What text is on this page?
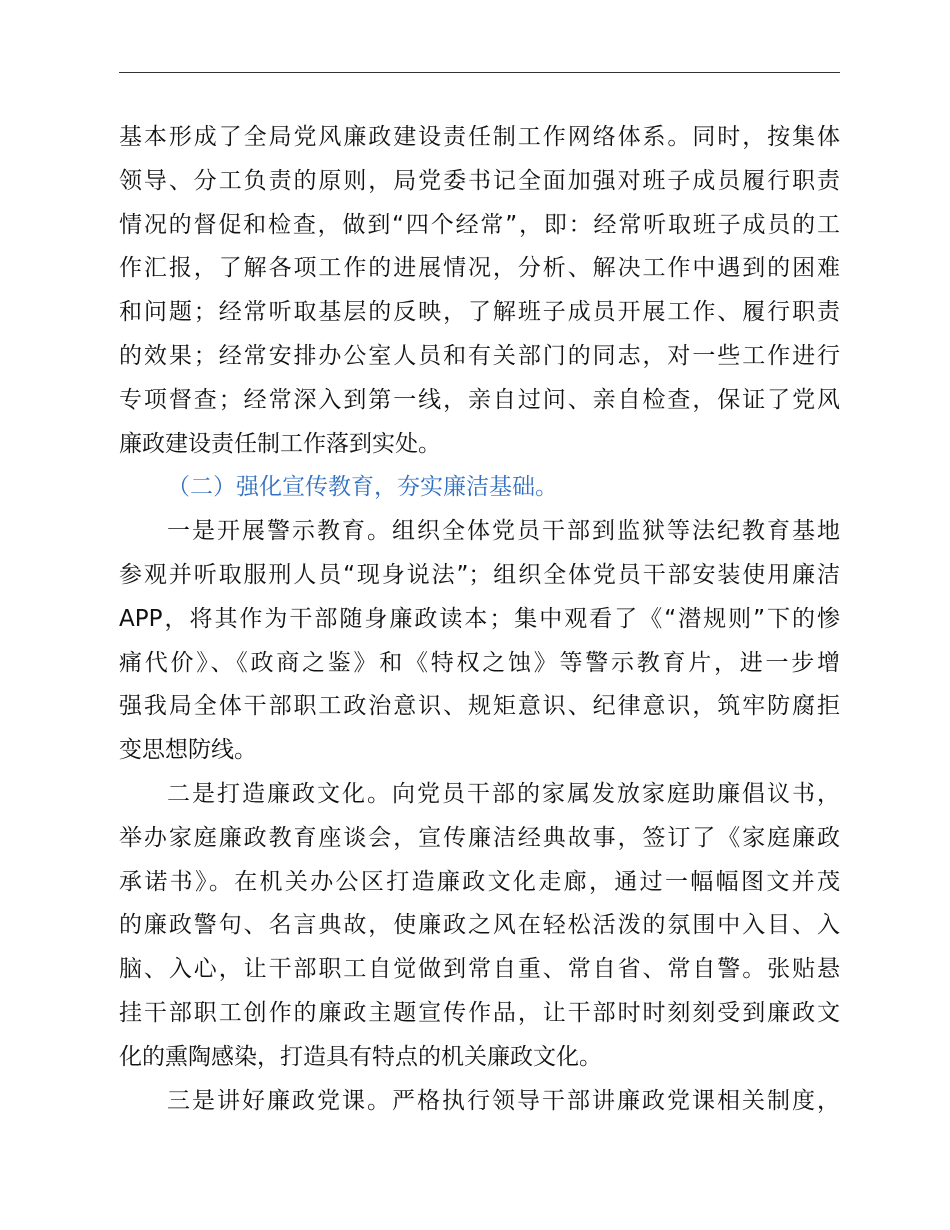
基本形成了全局党风廉政建设责任制工作网络体系。同时，按集体
领导、分工负责的原则，局党委书记全面加强对班子成员履行职责
情况的督促和检查，做到“四个经常”，即：经常听取班子成员的工
作汇报，了解各项工作的进展情况，分析、解决工作中遇到的困难
和问题；经常听取基层的反映，了解班子成员开展工作、履行职责
的效果；经常安排办公室人员和有关部门的同志，对一些工作进行
专项督查；经常深入到第一线，亲自过问、亲自检查，保证了党风
廉政建设责任制工作落到实处。
（二）强化宣传教育，夯实廉洁基础。
一是开展警示教育。组织全体党员干部到监狱等法纪教育基地
参观并听取服刑人员“现身说法”；组织全体党员干部安装使用廉洁
APP，将其作为干部随身廉政读本；集中观看了《“潜规则”下的惨
痛代价》、《政商之鉴》和《特权之蚀》等警示教育片，进一步增
强我局全体干部职工政治意识、规矩意识、纪律意识，筑牢防腐拒
变思想防线。
二是打造廉政文化。向党员干部的家属发放家庭助廉倡议书，
举办家庭廉政教育座谈会，宣传廉洁经典故事，签订了《家庭廉政
承诺书》。在机关办公区打造廉政文化走廊，通过一幅幅图文并茂
的廉政警句、名言典故，使廉政之风在轻松活泼的氛围中入目、入
脑、入心，让干部职工自觉做到常自重、常自省、常自警。张贴悬
挂干部职工创作的廉政主题宣传作品，让干部时时刻刻受到廉政文
化的熏陶感染，打造具有特点的机关廉政文化。
三是讲好廉政党课。严格执行领导干部讲廉政党课相关制度，
